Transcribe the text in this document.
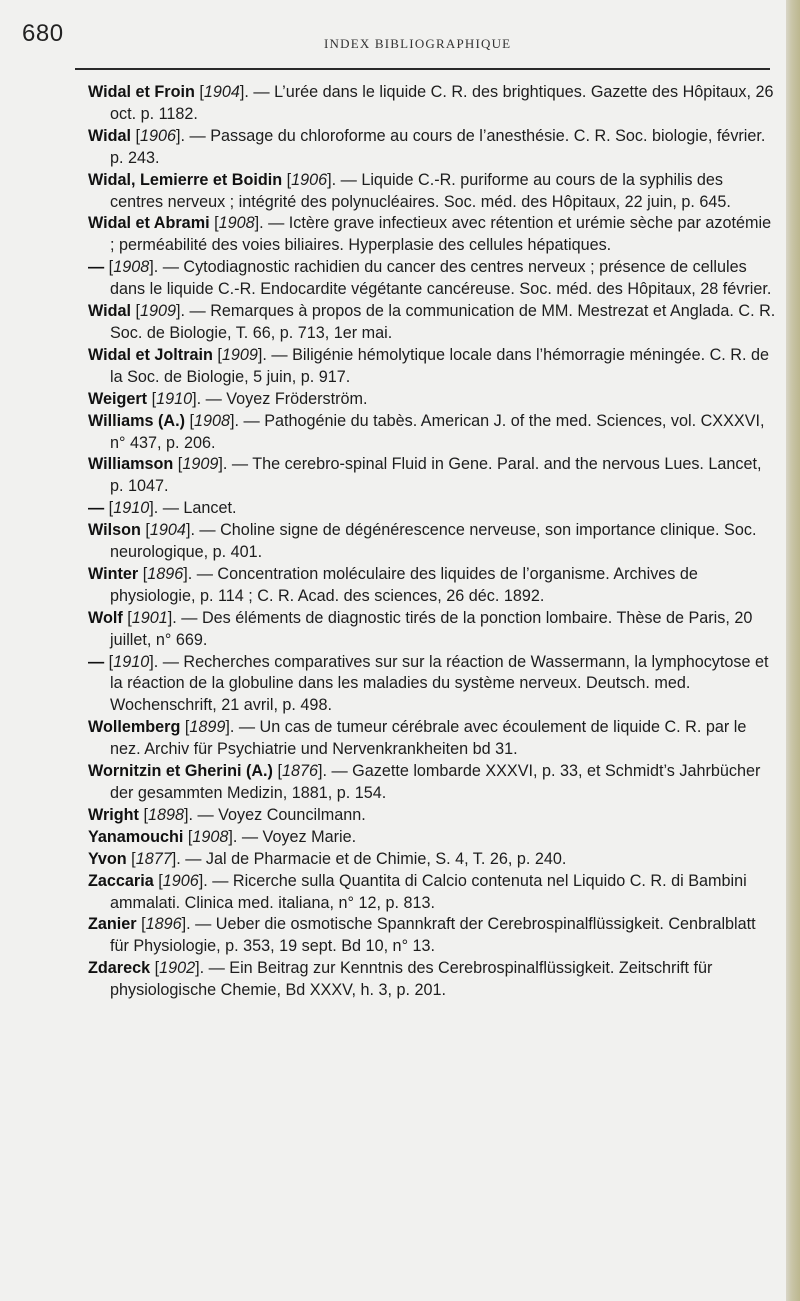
680	INDEX BIBLIOGRAPHIQUE
Widal et Froin [1904]. — L’urée dans le liquide C. R. des brightiques. Gazette des Hôpitaux, 26 oct. p. 1182.
Widal [1906]. — Passage du chloroforme au cours de l’anesthésie. C. R. Soc. biologie, février. p. 243.
Widal, Lemierre et Boidin [1906]. — Liquide C.-R. puriforme au cours de la syphilis des centres nerveux ; intégrité des polynucléaires. Soc. méd. des Hôpitaux, 22 juin, p. 645.
Widal et Abrami [1908]. — Ictère grave infectieux avec rétention et urémie sèche par azotémie ; perméabilité des voies biliaires. Hyperplasie des cellules hépatiques.
— [1908]. — Cytodiagnostic rachidien du cancer des centres nerveux ; présence de cellules dans le liquide C.-R. Endocardite végétante cancéreuse. Soc. méd. des Hôpitaux, 28 février.
Widal [1909]. — Remarques à propos de la communication de MM. Mestrezat et Anglada. C. R. Soc. de Biologie, T. 66, p. 713, 1er mai.
Widal et Joltrain [1909]. — Biligénie hémolytique locale dans l’hémorragie méningée. C. R. de la Soc. de Biologie, 5 juin, p. 917.
Weigert [1910]. — Voyez Fröderström.
Williams (A.) [1908]. — Pathogénie du tabès. American J. of the med. Sciences, vol. CXXXVI, n° 437, p. 206.
Williamson [1909]. — The cerebro-spinal Fluid in Gene. Paral. and the nervous Lues. Lancet, p. 1047.
— [1910]. — Lancet.
Wilson [1904]. — Choline signe de dégénérescence nerveuse, son importance clinique. Soc. neurologique, p. 401.
Winter [1896]. — Concentration moléculaire des liquides de l’organisme. Archives de physiologie, p. 114 ; C. R. Acad. des sciences, 26 déc. 1892.
Wolf [1901]. — Des éléments de diagnostic tirés de la ponction lombaire. Thèse de Paris, 20 juillet, n° 669.
— [1910]. — Recherches comparatives sur sur la réaction de Wassermann, la lymphocytose et la réaction de la globuline dans les maladies du système nerveux. Deutsch. med. Wochenschrift, 21 avril, p. 498.
Wollemberg [1899]. — Un cas de tumeur cérébrale avec écoulement de liquide C. R. par le nez. Archiv für Psychiatrie und Nervenkrankheiten bd 31.
Wornitzin et Gherini (A.) [1876]. — Gazette lombarde XXXVI, p. 33, et Schmidt’s Jahrbücher der gesammten Medizin, 1881, p. 154.
Wright [1898]. — Voyez Councilmann.
Yanamouchi [1908]. — Voyez Marie.
Yvon [1877]. — Jal de Pharmacie et de Chimie, S. 4, T. 26, p. 240.
Zaccaria [1906]. — Ricerche sulla Quantita di Calcio contenuta nel Liquido C. R. di Bambini ammalati. Clinica med. italiana, n° 12, p. 813.
Zanier [1896]. — Ueber die osmotische Spannkraft der Cerebrospinalflüssigkeit. Cenbralblatt für Physiologie, p. 353, 19 sept. Bd 10, n° 13.
Zdareck [1902]. — Ein Beitrag zur Kenntnis des Cerebrospinalflüssigkeit. Zeitschrift für physiologische Chemie, Bd XXXV, h. 3, p. 201.
